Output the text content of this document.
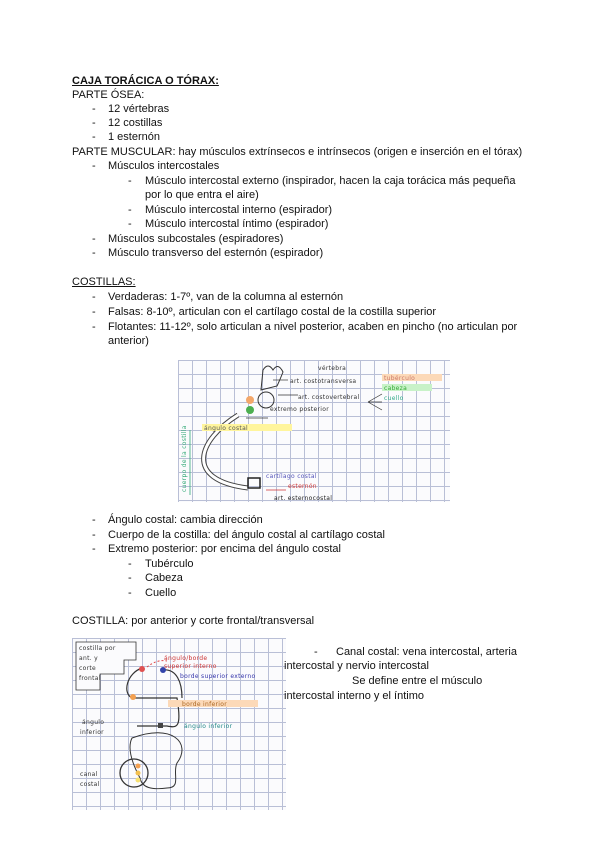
CAJA TORÁCICA O TÓRAX:
PARTE ÓSEA:
- 12 vértebras
- 12 costillas
- 1 esternón
PARTE MUSCULAR: hay músculos extrínsecos e intrínsecos (origen e inserción en el tórax)
- Músculos intercostales
- Músculo intercostal externo (inspirador, hacen la caja torácica más pequeña
por lo que entra el aire)
- Músculo intercostal interno (espirador)
- Músculo intercostal íntimo (espirador)
- Músculos subcostales (espiradores)
- Músculo transverso del esternón (espirador)
COSTILLAS:
- Verdaderas: 1-7º, van de la columna al esternón
- Falsas: 8-10º, articulan con el cartílago costal de la costilla superior
- Flotantes: 11-12º, solo articulan a nivel posterior, acaben en pincho (no articulan por
anterior)
vértebra
art. costotransversa
art. costovertebral
extremo posterior
ángulo costal
tubérculo
cabeza
cuello
cuerpo de la costilla	cartílago costal
esternón
art. esternocostal
- Ángulo costal: cambia dirección
- Cuerpo de la costilla: del ángulo costal al cartílago costal
- Extremo posterior: por encima del ángulo costal
- Tubérculo
- Cabeza
- Cuello
COSTILLA: por anterior y corte frontal/transversal
costilla por
ant. y
corte
frontal
ángulo/borde
superior interno
borde superior externo
borde inferior
ángulo
inferior
ángulo inferior
canal
costal
- Canal costal: vena intercostal, arteria
intercostal y nervio intercostal
Se define entre el músculo
intercostal interno y el íntimo
